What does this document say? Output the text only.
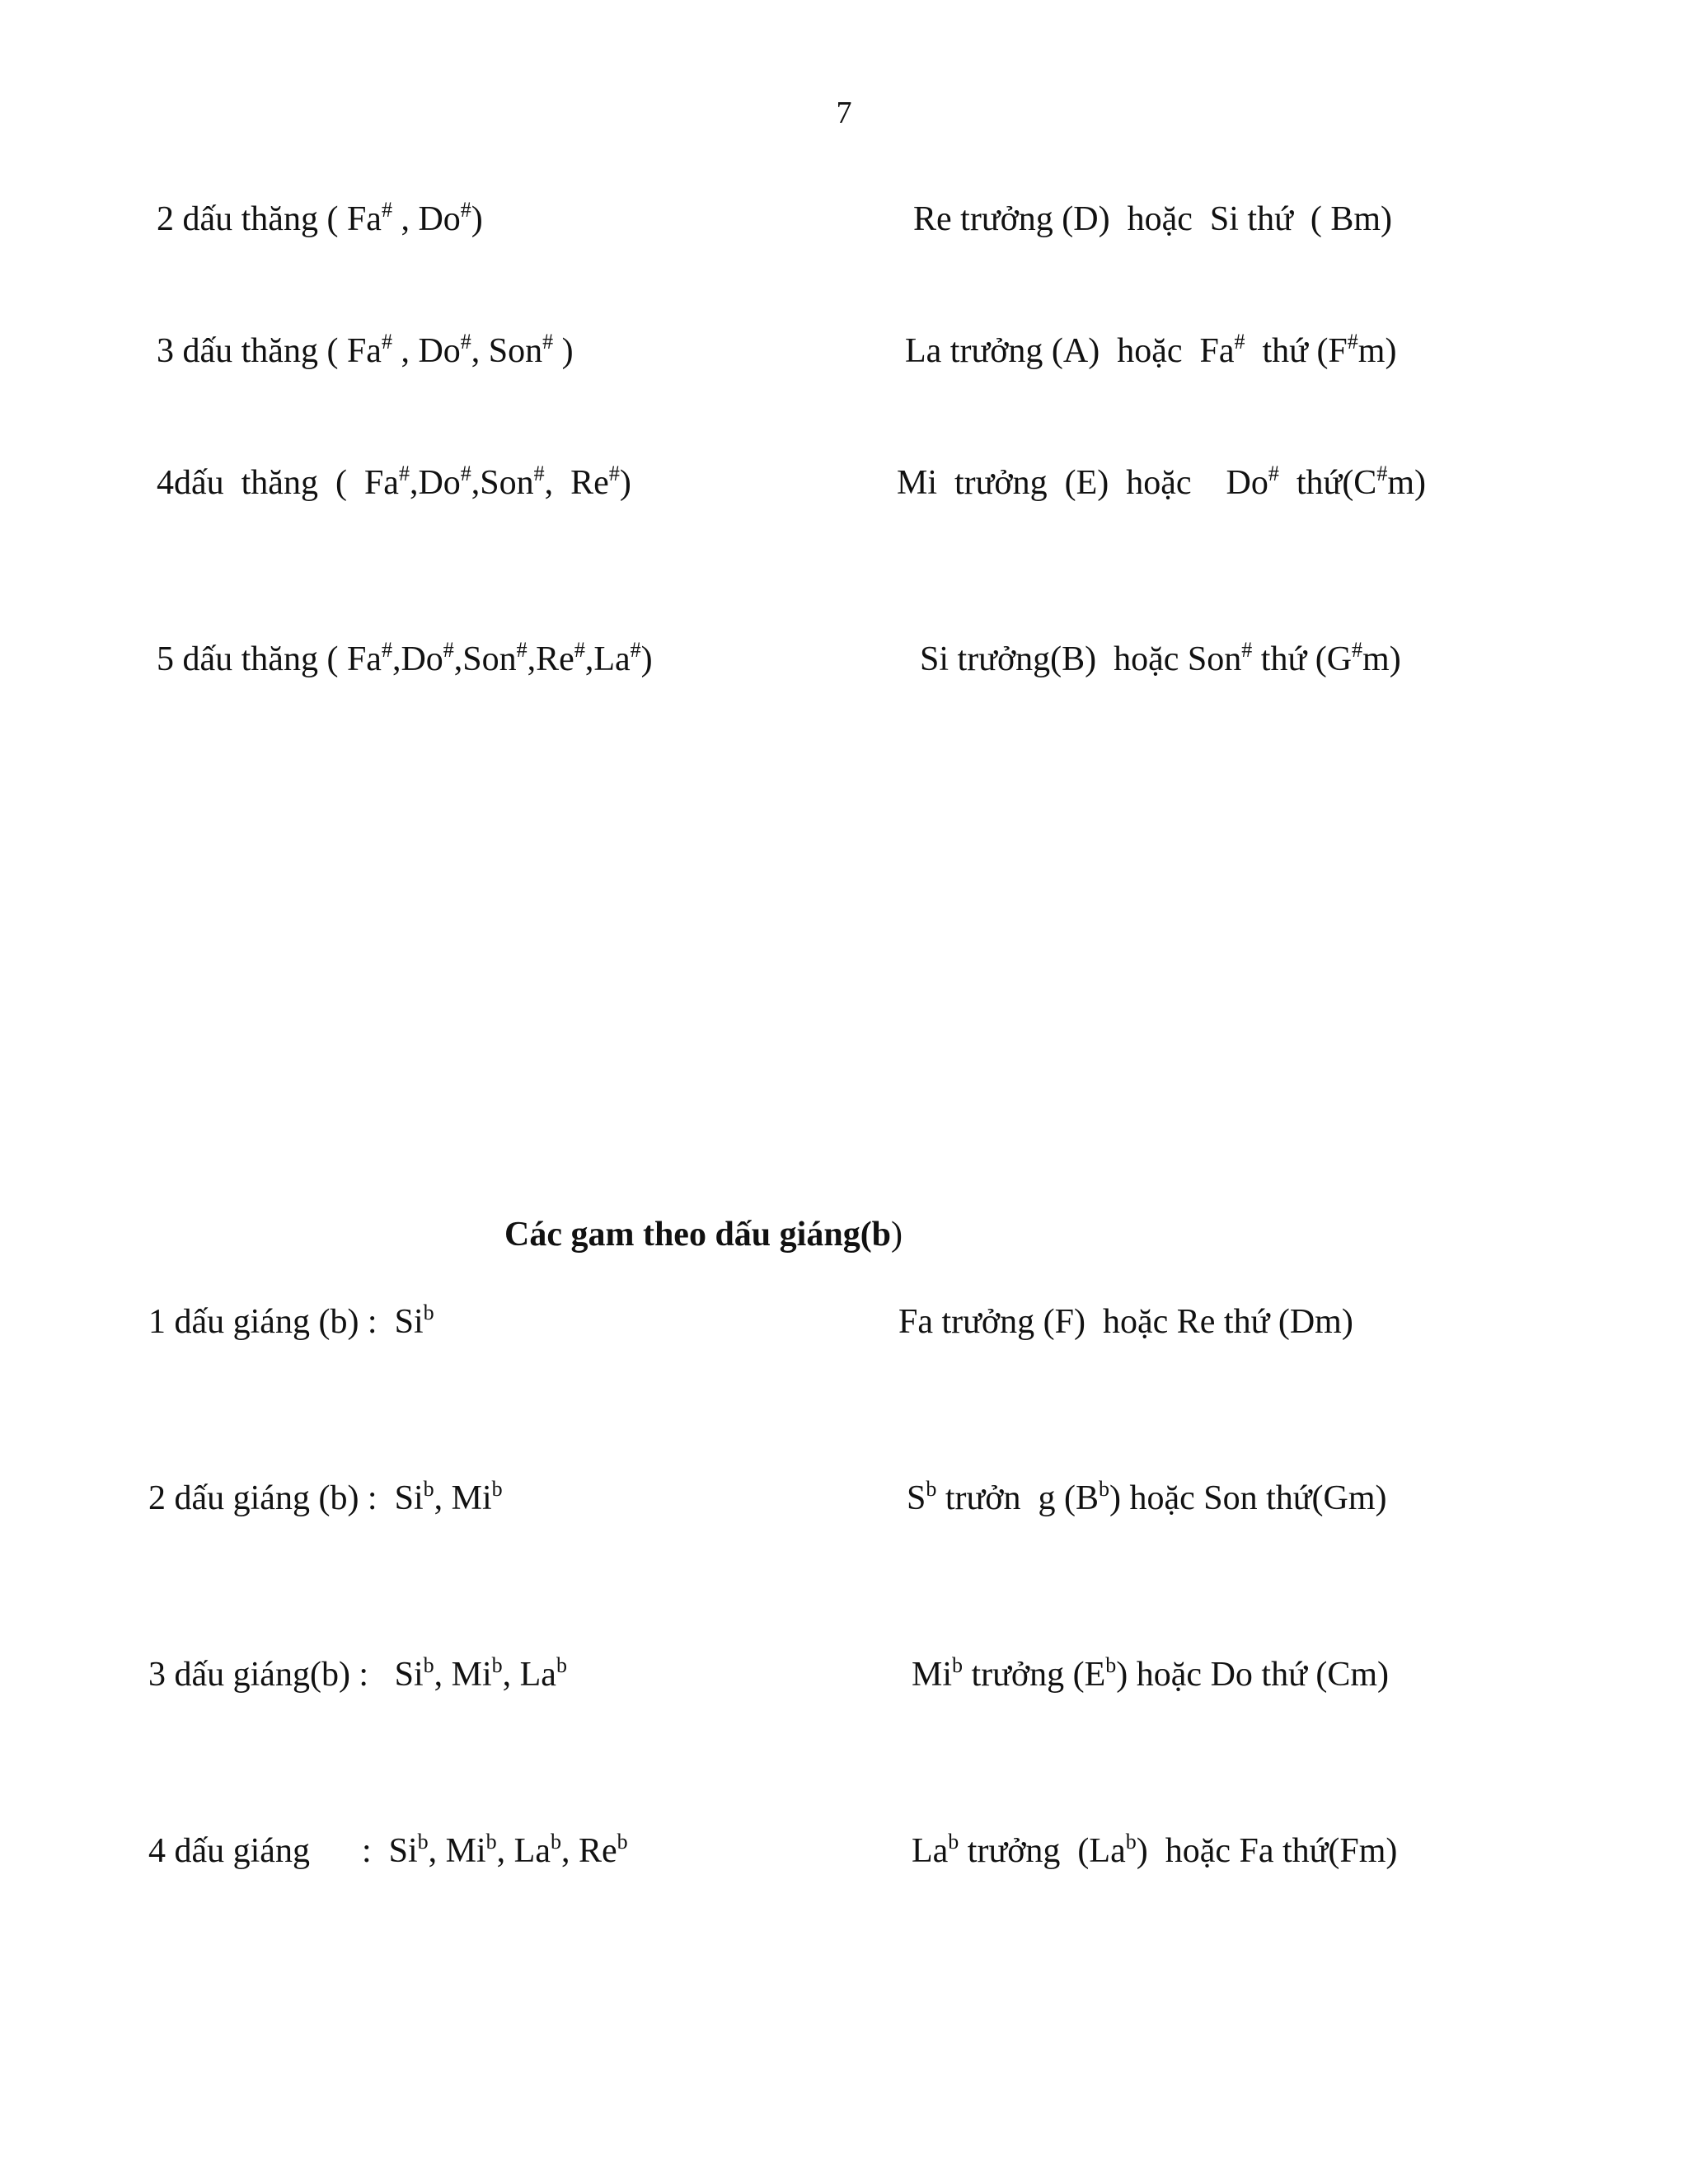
7
2 dấu thăng ( Fa# , Do#)	Re trưởng (D)  hoặc  Si thứ  ( Bm)
3 dấu thăng ( Fa# , Do#, Son# )	La trưởng (A)  hoặc  Fa#  thứ (F#m)
4dấu  thăng  (  Fa#,Do#,Son#,  Re#)	Mi  trưởng  (E)  hoặc    Do#  thứ(C#m)
5 dấu thăng ( Fa#,Do#,Son#,Re#,La#)	Si trưởng(B)  hoặc Son# thứ (G#m)
Các gam theo dấu giáng(b)
1 dấu giáng (b) :  Si$^b$	Fa trưởng (F)  hoặc Re thứ (Dm)
2 dấu giáng (b) :  Si$^b$, Mi$^b$	$S^b$ trưởn  g $(B^b)$ hoặc Son thứ(Gm)
3 dấu giáng(b) :   Si$^b$, Mi$^b$, La$^b$	Mi$^b$ trưởng $(E^b)$ hoặc Do thứ (Cm)
4 dấu giáng      :  Si$^b$, Mi$^b$, La$^b$, Re$^b$	La$^b$ trưởng  (La$^b$)  hoặc Fa thứ(Fm)
